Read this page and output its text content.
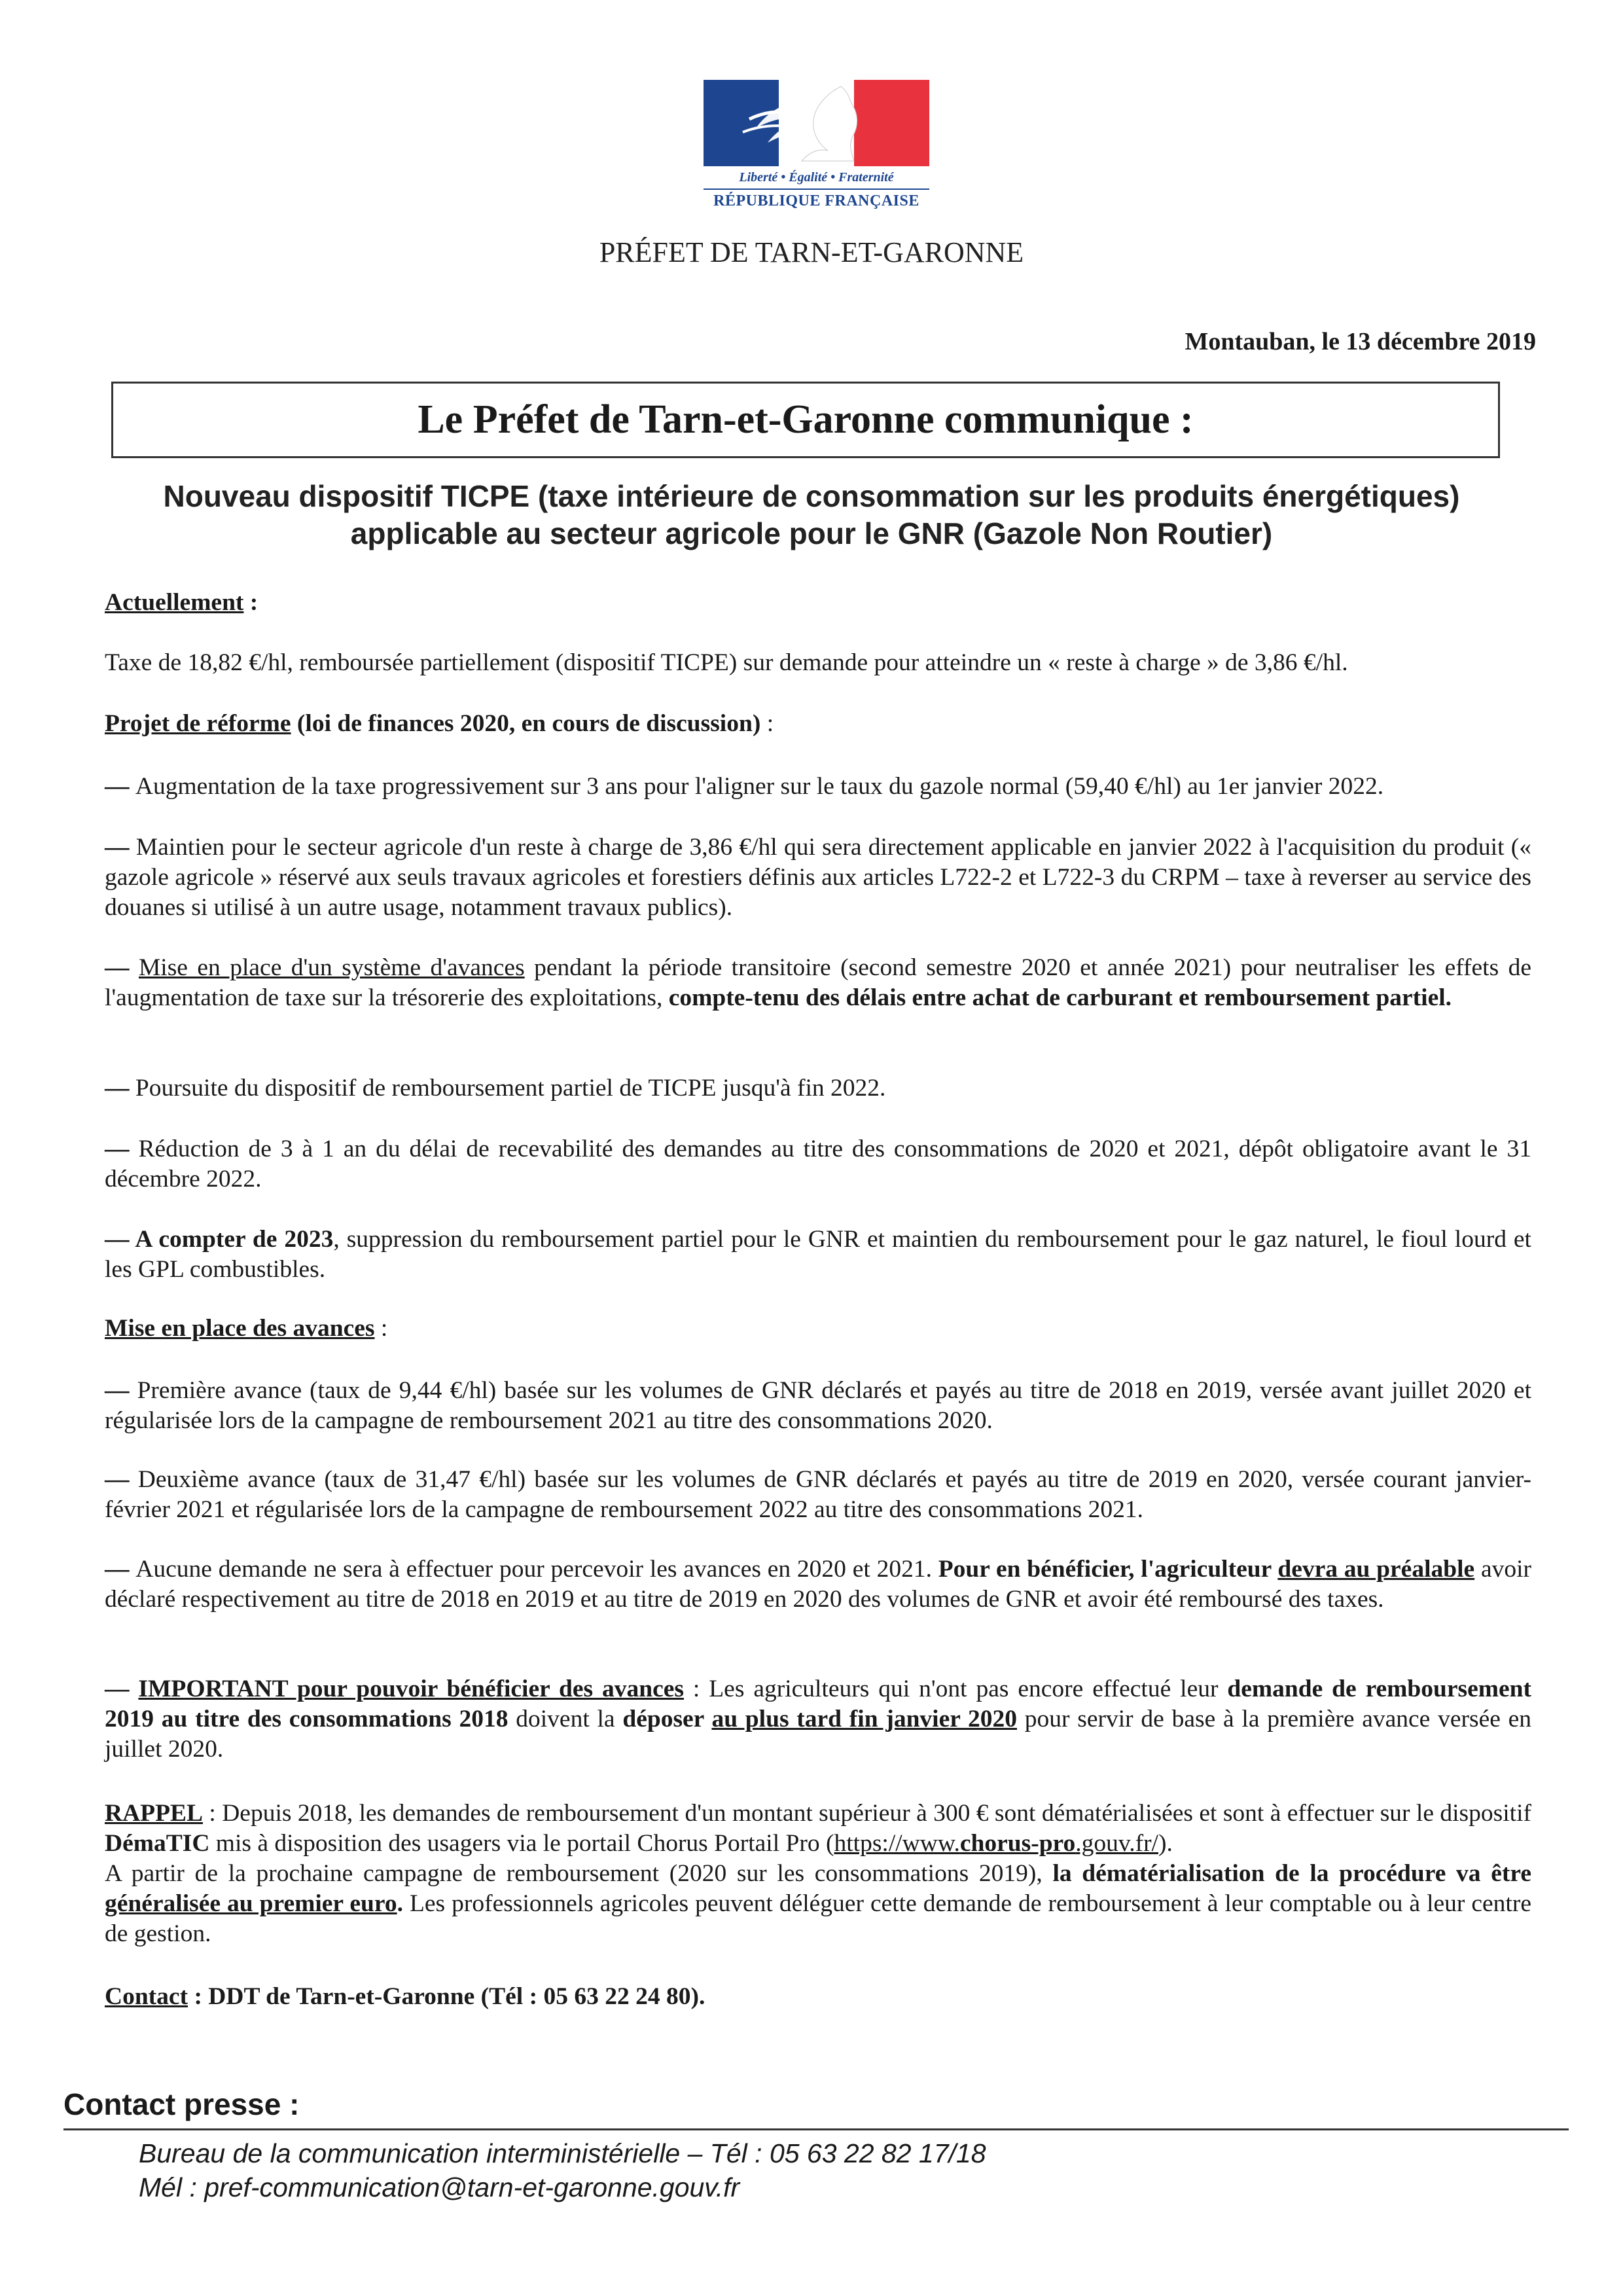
Liberté • Égalité • Fraternité
RÉPUBLIQUE FRANÇAISE
PRÉFET DE TARN-ET-GARONNE
Montauban, le 13 décembre 2019
Le Préfet de Tarn-et-Garonne communique :
Nouveau dispositif TICPE (taxe intérieure de consommation sur les produits énergétiques)
applicable au secteur agricole pour le GNR (Gazole Non Routier)
Actuellement :
Taxe de 18,82 €/hl, remboursée partiellement (dispositif TICPE) sur demande pour atteindre un « reste à charge » de 3,86 €/hl.
Projet de réforme (loi de finances 2020, en cours de discussion) :
— Augmentation de la taxe progressivement sur 3 ans pour l'aligner sur le taux du gazole normal (59,40 €/hl) au 1er janvier 2022.
— Maintien pour le secteur agricole d'un reste à charge de 3,86 €/hl qui sera directement applicable en janvier 2022 à l'acquisition du produit (« gazole agricole » réservé aux seuls travaux agricoles et forestiers définis aux articles L722-2 et L722-3 du CRPM – taxe à reverser au service des douanes si utilisé à un autre usage, notamment travaux publics).
— Mise en place d'un système d'avances pendant la période transitoire (second semestre 2020 et année 2021) pour neutraliser les effets de l'augmentation de taxe sur la trésorerie des exploitations, compte-tenu des délais entre achat de carburant et remboursement partiel.
— Poursuite du dispositif de remboursement partiel de TICPE jusqu'à fin 2022.
— Réduction de 3 à 1 an du délai de recevabilité des demandes au titre des consommations de 2020 et 2021, dépôt obligatoire avant le 31 décembre 2022.
— A compter de 2023, suppression du remboursement partiel pour le GNR et maintien du remboursement pour le gaz naturel, le fioul lourd et les GPL combustibles.
Mise en place des avances :
— Première avance (taux de 9,44 €/hl) basée sur les volumes de GNR déclarés et payés au titre de 2018 en 2019, versée avant juillet 2020 et régularisée lors de la campagne de remboursement 2021 au titre des consommations 2020.
— Deuxième avance (taux de 31,47 €/hl) basée sur les volumes de GNR déclarés et payés au titre de 2019 en 2020, versée courant janvier-février 2021 et régularisée lors de la campagne de remboursement 2022 au titre des consommations 2021.
— Aucune demande ne sera à effectuer pour percevoir les avances en 2020 et 2021. Pour en bénéficier, l'agriculteur devra au préalable avoir déclaré respectivement au titre de 2018 en 2019 et au titre de 2019 en 2020 des volumes de GNR et avoir été remboursé des taxes.
— IMPORTANT pour pouvoir bénéficier des avances : Les agriculteurs qui n'ont pas encore effectué leur demande de remboursement 2019 au titre des consommations 2018 doivent la déposer au plus tard fin janvier 2020 pour servir de base à la première avance versée en juillet 2020.
RAPPEL : Depuis 2018, les demandes de remboursement d'un montant supérieur à 300 € sont dématérialisées et sont à effectuer sur le dispositif DémaTIC mis à disposition des usagers via le portail Chorus Portail Pro (https://www.chorus-pro.gouv.fr/).
A partir de la prochaine campagne de remboursement (2020 sur les consommations 2019), la dématérialisation de la procédure va être généralisée au premier euro. Les professionnels agricoles peuvent déléguer cette demande de remboursement à leur comptable ou à leur centre de gestion.
Contact : DDT de Tarn-et-Garonne (Tél : 05 63 22 24 80).
Contact presse :
Bureau de la communication interministérielle – Tél : 05 63 22 82 17/18
Mél : pref-communication@tarn-et-garonne.gouv.fr
